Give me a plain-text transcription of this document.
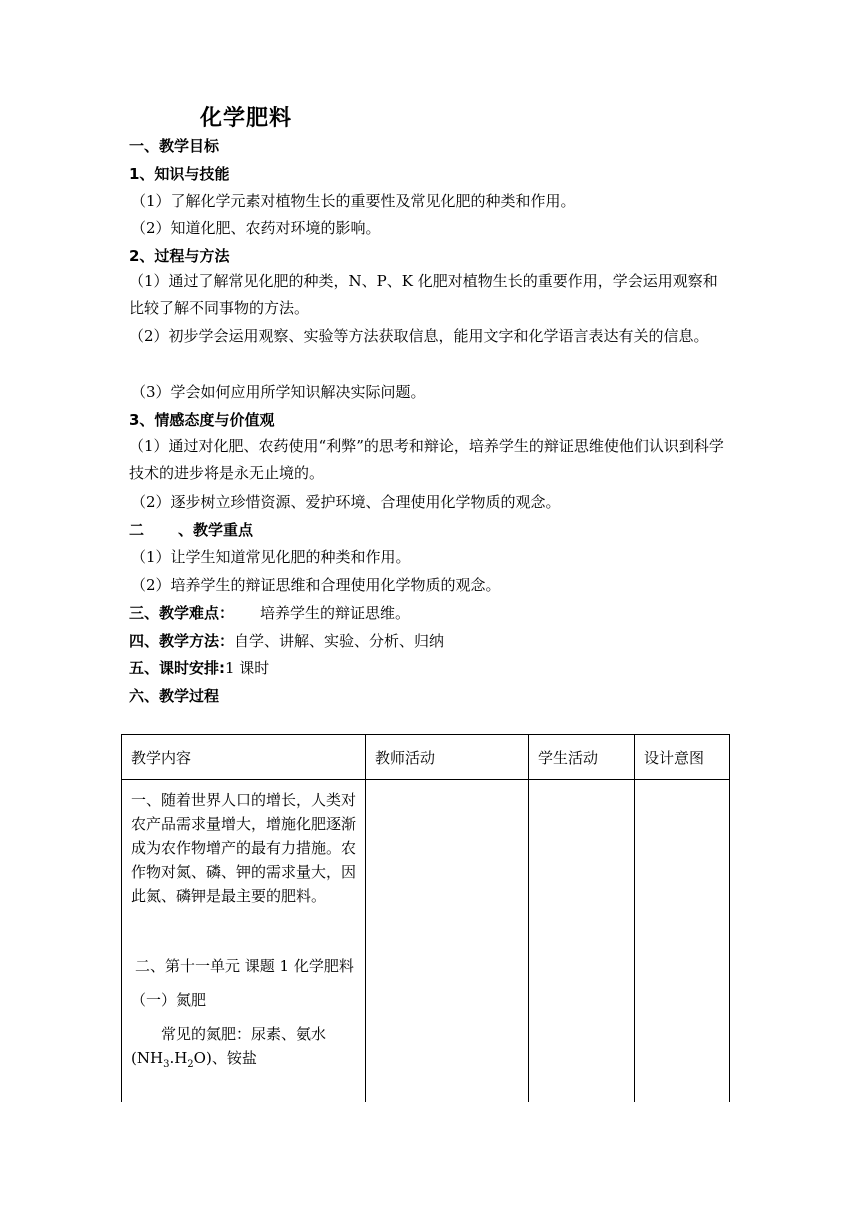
化学肥料
一、教学目标
1、知识与技能
（1）了解化学元素对植物生长的重要性及常见化肥的种类和作用。
（2）知道化肥、农药对环境的影响。
2、过程与方法
（1）通过了解常见化肥的种类，N、P、K 化肥对植物生长的重要作用，学会运用观察和比较了解不同事物的方法。
（2）初步学会运用观察、实验等方法获取信息，能用文字和化学语言表达有关的信息。
（3）学会如何应用所学知识解决实际问题。
3、情感态度与价值观
（1）通过对化肥、农药使用“利弊”的思考和辩论，培养学生的辩证思维使他们认识到科学技术的进步将是永无止境的。
（2）逐步树立珍惜资源、爱护环境、合理使用化学物质的观念。
二 、教学重点
（1）让学生知道常见化肥的种类和作用。
（2）培养学生的辩证思维和合理使用化学物质的观念。
三、教学难点： 培养学生的辩证思维。
四、教学方法：自学、讲解、实验、分析、归纳
五、课时安排:1 课时
六、教学过程
教学内容	教师活动	学生活动	设计意图

一、随着世界人口的增长，人类对农产品需求量增大，增施化肥逐渐成为农作物增产的最有力措施。农作物对氮、磷、钾的需求量大，因此氮、磷钾是最主要的肥料。

二、第十一单元 课题 1 化学肥料

（一）氮肥

常见的氮肥：尿素、氨水$(NH_3.H_2O)$、铵盐			
